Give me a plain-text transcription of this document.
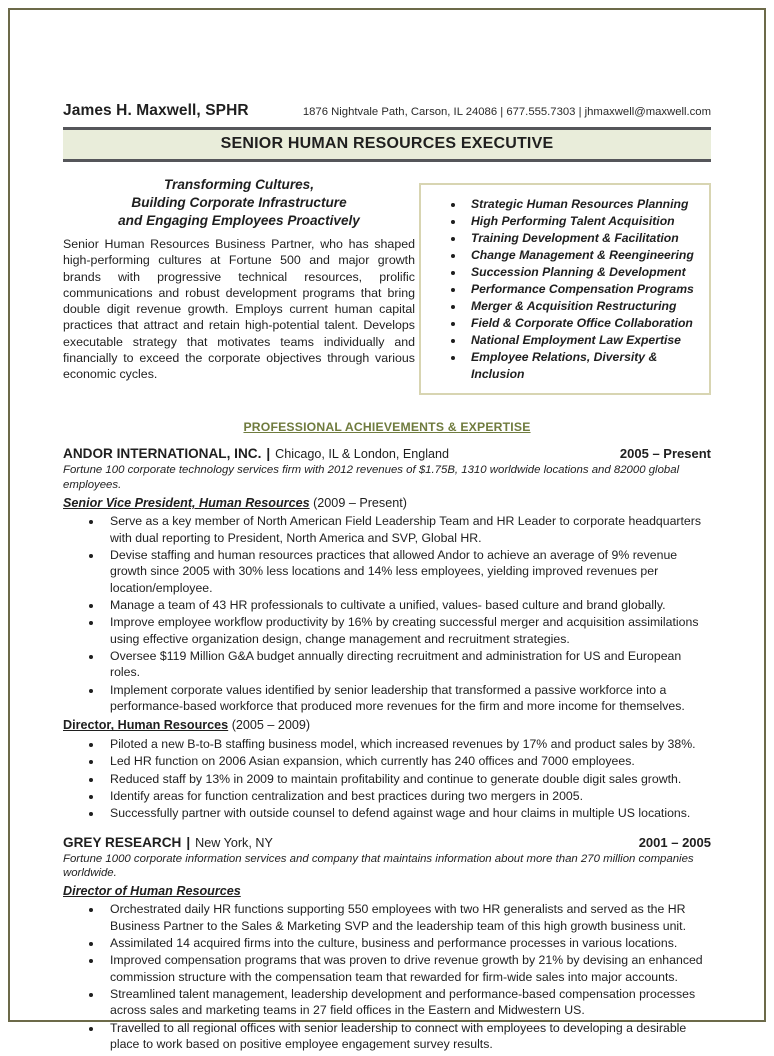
James H. Maxwell, SPHR	1876 Nightvale Path, Carson, IL 24086 | 677.555.7303 | jhmaxwell@maxwell.com
SENIOR HUMAN RESOURCES EXECUTIVE
Transforming Cultures,
Building Corporate Infrastructure
and Engaging Employees Proactively
Senior Human Resources Business Partner, who has shaped high-performing cultures at Fortune 500 and major growth brands with progressive technical resources, prolific communications and robust development programs that bring double digit revenue growth. Employs current human capital practices that attract and retain high-potential talent. Develops executable strategy that motivates teams individually and financially to exceed the corporate objectives through various economic cycles.
• Strategic Human Resources Planning
• High Performing Talent Acquisition
• Training Development & Facilitation
• Change Management & Reengineering
• Succession Planning & Development
• Performance Compensation Programs
• Merger & Acquisition Restructuring
• Field & Corporate Office Collaboration
• National Employment Law Expertise
• Employee Relations, Diversity & Inclusion
PROFESSIONAL ACHIEVEMENTS & EXPERTISE
ANDOR INTERNATIONAL, INC. | Chicago, IL & London, England	2005 – Present
Fortune 100 corporate technology services firm with 2012 revenues of $1.75B, 1310 worldwide locations and 82000 global employees.
Senior Vice President, Human Resources (2009 – Present)
• Serve as a key member of North American Field Leadership Team and HR Leader to corporate headquarters with dual reporting to President, North America and SVP, Global HR.
• Devise staffing and human resources practices that allowed Andor to achieve an average of 9% revenue growth since 2005 with 30% less locations and 14% less employees, yielding improved revenues per location/employee.
• Manage a team of 43 HR professionals to cultivate a unified, values- based culture and brand globally.
• Improve employee workflow productivity by 16% by creating successful merger and acquisition assimilations using effective organization design, change management and recruitment strategies.
• Oversee $119 Million G&A budget annually directing recruitment and administration for US and European roles.
• Implement corporate values identified by senior leadership that transformed a passive workforce into a performance-based workforce that produced more revenues for the firm and more income for themselves.
Director, Human Resources (2005 – 2009)
• Piloted a new B-to-B staffing business model, which increased revenues by 17% and product sales by 38%.
• Led HR function on 2006 Asian expansion, which currently has 240 offices and 7000 employees.
• Reduced staff by 13% in 2009 to maintain profitability and continue to generate double digit sales growth.
• Identify areas for function centralization and best practices during two mergers in 2005.
• Successfully partner with outside counsel to defend against wage and hour claims in multiple US locations.
GREY RESEARCH | New York, NY	2001 – 2005
Fortune 1000 corporate information services and company that maintains information about more than 270 million companies worldwide.
Director of Human Resources
• Orchestrated daily HR functions supporting 550 employees with two HR generalists and served as the HR Business Partner to the Sales & Marketing SVP and the leadership team of this high growth business unit.
• Assimilated 14 acquired firms into the culture, business and performance processes in various locations.
• Improved compensation programs that was proven to drive revenue growth by 21% by devising an enhanced commission structure with the compensation team that rewarded for firm-wide sales into major accounts.
• Streamlined talent management, leadership development and performance-based compensation processes across sales and marketing teams in 27 field offices in the Eastern and Midwestern US.
• Travelled to all regional offices with senior leadership to connect with employees to developing a desirable place to work based on positive employee engagement survey results.
